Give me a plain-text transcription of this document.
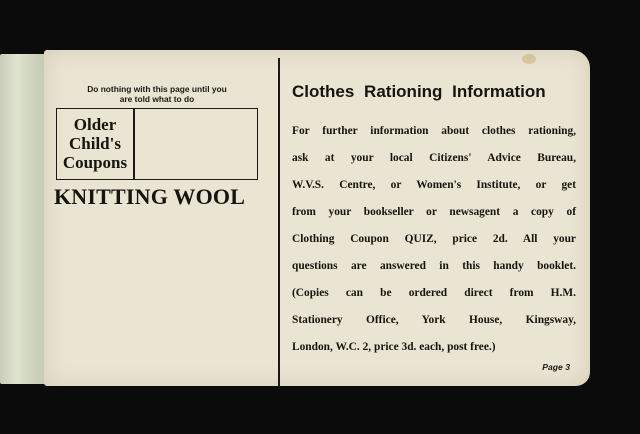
Do nothing with this page until you
are told what to do
Older
Child's
Coupons
KNITTING WOOL
Clothes Rationing Information

For further information about clothes rationing,
ask at your local Citizens' Advice Bureau,
W.V.S. Centre, or Women's Institute, or get
from your bookseller or newsagent a copy of
Clothing Coupon QUIZ, price 2d. All your
questions are answered in this handy booklet.
(Copies can be ordered direct from H.M.
Stationery Office, York House, Kingsway,
London, W.C. 2, price 3d. each, post free.)

Page 3
